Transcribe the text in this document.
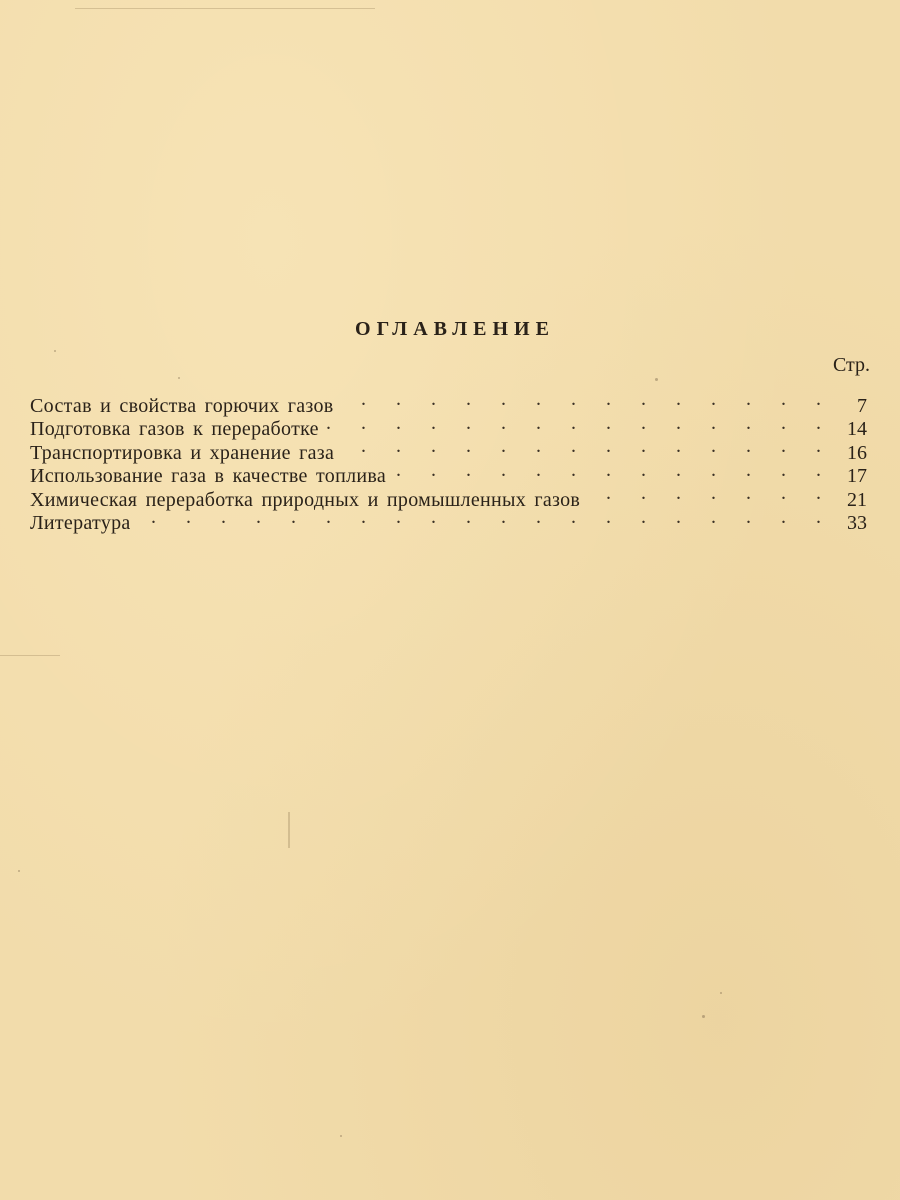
ОГЛАВЛЕНИЕ
Стр.
Состав и свойства горючих газов .	7
Подготовка газов к переработке .	14
Транспортировка и хранение газа .	16
Использование газа в качестве топлива .	17
Химическая переработка природных и промышленных газов .	21
Литература .	33
